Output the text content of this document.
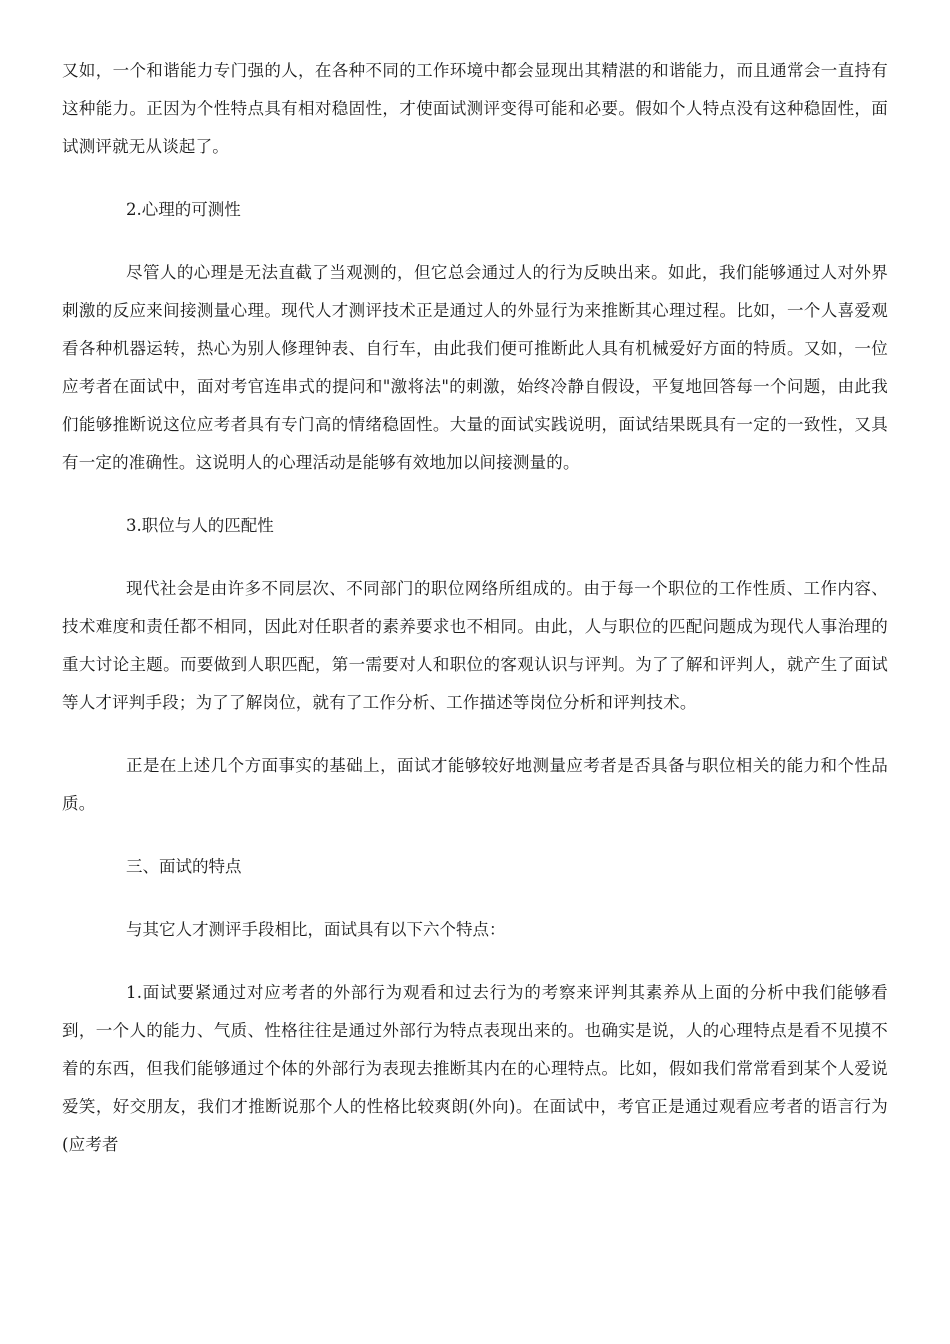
又如，一个和谐能力专门强的人，在各种不同的工作环境中都会显现出其精湛的和谐能力，而且通常会一直持有这种能力。正因为个性特点具有相对稳固性，才使面试测评变得可能和必要。假如个人特点没有这种稳固性，面试测评就无从谈起了。

2.心理的可测性

尽管人的心理是无法直截了当观测的，但它总会通过人的行为反映出来。如此，我们能够通过人对外界刺激的反应来间接测量心理。现代人才测评技术正是通过人的外显行为来推断其心理过程。比如，一个人喜爱观看各种机器运转，热心为别人修理钟表、自行车，由此我们便可推断此人具有机械爱好方面的特质。又如，一位应考者在面试中，面对考官连串式的提问和"激将法"的刺激，始终冷静自假设，平复地回答每一个问题，由此我们能够推断说这位应考者具有专门高的情绪稳固性。大量的面试实践说明，面试结果既具有一定的一致性，又具有一定的准确性。这说明人的心理活动是能够有效地加以间接测量的。

3.职位与人的匹配性

现代社会是由许多不同层次、不同部门的职位网络所组成的。由于每一个职位的工作性质、工作内容、技术难度和责任都不相同，因此对任职者的素养要求也不相同。由此，人与职位的匹配问题成为现代人事治理的重大讨论主题。而要做到人职匹配，第一需要对人和职位的客观认识与评判。为了了解和评判人，就产生了面试等人才评判手段；为了了解岗位，就有了工作分析、工作描述等岗位分析和评判技术。

正是在上述几个方面事实的基础上，面试才能够较好地测量应考者是否具备与职位相关的能力和个性品质。

三、面试的特点

与其它人才测评手段相比，面试具有以下六个特点：

1.面试要紧通过对应考者的外部行为观看和过去行为的考察来评判其素养从上面的分析中我们能够看到，一个人的能力、气质、性格往往是通过外部行为特点表现出来的。也确实是说，人的心理特点是看不见摸不着的东西，但我们能够通过个体的外部行为表现去推断其内在的心理特点。比如，假如我们常常看到某个人爱说爱笑，好交朋友，我们才推断说那个人的性格比较爽朗(外向)。在面试中，考官正是通过观看应考者的语言行为(应考者
